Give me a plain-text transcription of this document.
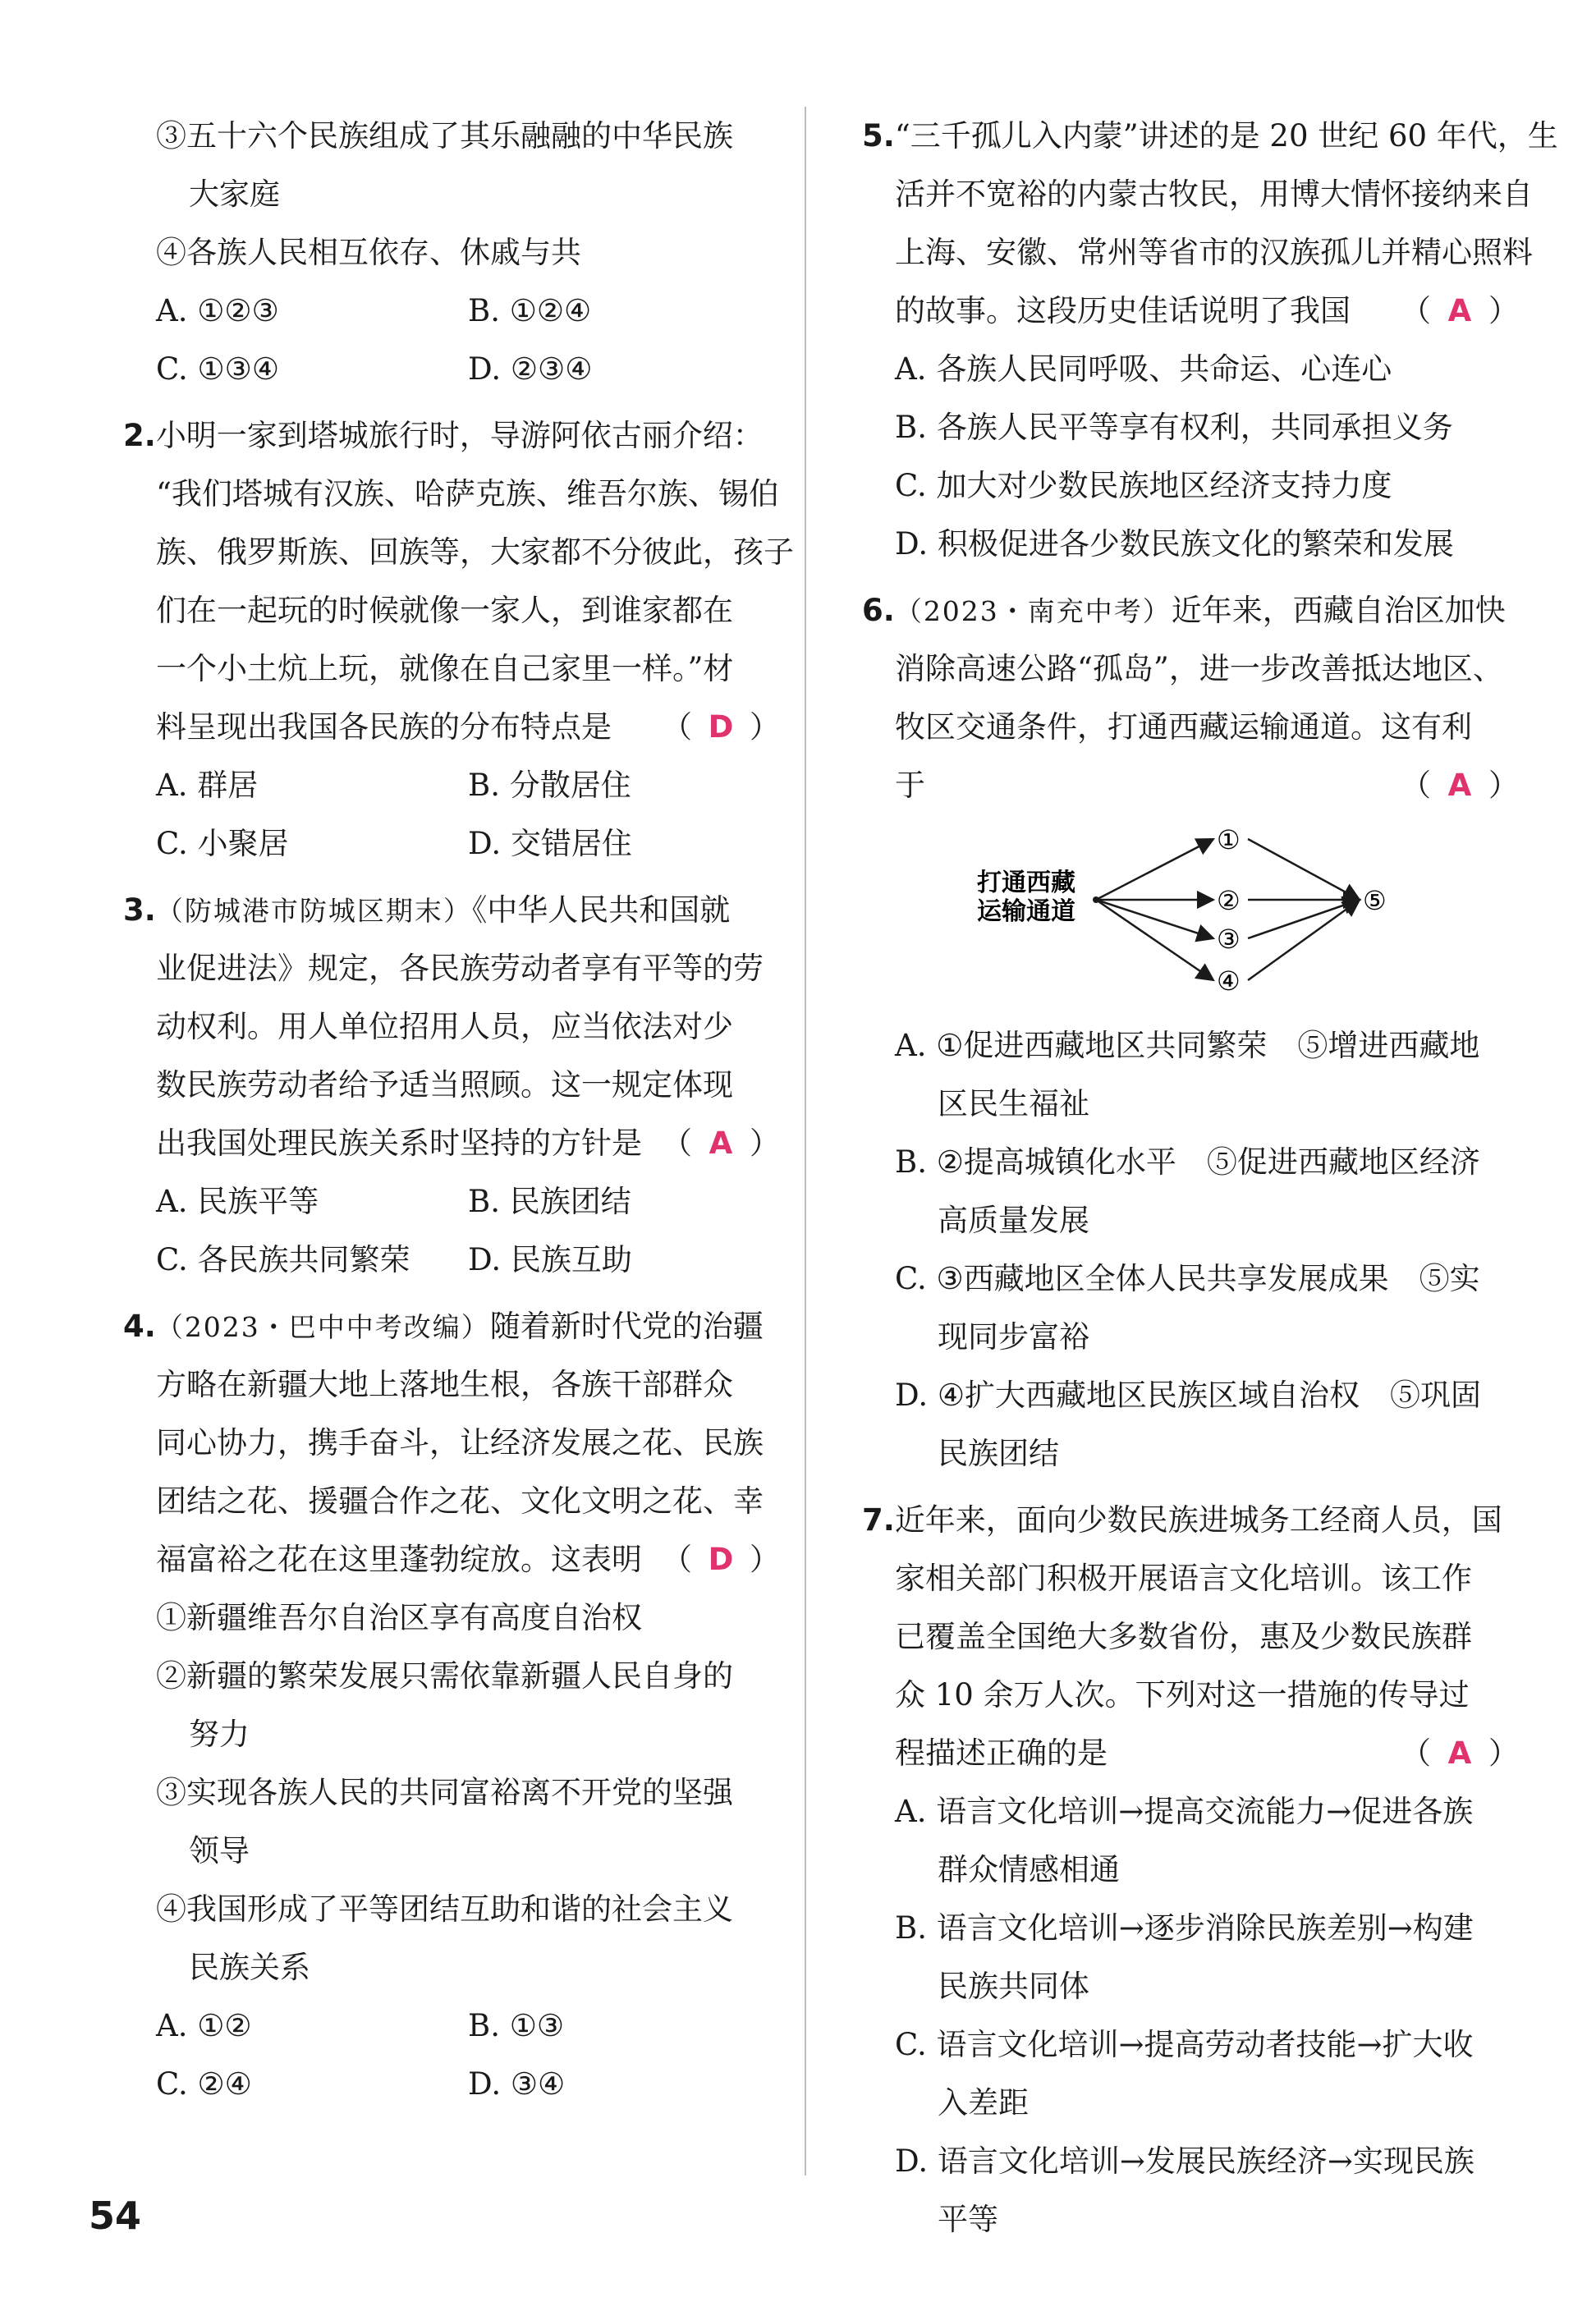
③五十六个民族组成了其乐融融的中华民族
大家庭
④各族人民相互依存、休戚与共
A. ①②③	B. ①②④
C. ①③④	D. ②③④
2.小明一家到塔城旅行时，导游阿依古丽介绍：
“我们塔城有汉族、哈萨克族、维吾尔族、锡伯
族、俄罗斯族、回族等，大家都不分彼此，孩子
们在一起玩的时候就像一家人，到谁家都在
一个小土炕上玩，就像在自己家里一样。”材
料呈现出我国各民族的分布特点是 （ D ）
A. 群居	B. 分散居住
C. 小聚居	D. 交错居住
3.（防城港市防城区期末）《中华人民共和国就
业促进法》规定，各民族劳动者享有平等的劳
动权利。用人单位招用人员，应当依法对少
数民族劳动者给予适当照顾。这一规定体现
出我国处理民族关系时坚持的方针是 （ A ）
A. 民族平等	B. 民族团结
C. 各民族共同繁荣	D. 民族互助
4.（2023・巴中中考改编）随着新时代党的治疆
方略在新疆大地上落地生根，各族干部群众
同心协力，携手奋斗，让经济发展之花、民族
团结之花、援疆合作之花、文化文明之花、幸
福富裕之花在这里蓬勃绽放。这表明 （ D ）
①新疆维吾尔自治区享有高度自治权
②新疆的繁荣发展只需依靠新疆人民自身的
努力
③实现各族人民的共同富裕离不开党的坚强
领导
④我国形成了平等团结互助和谐的社会主义
民族关系
A. ①②	B. ①③
C. ②④	D. ③④
5.“三千孤儿入内蒙”讲述的是 20 世纪 60 年代，生
活并不宽裕的内蒙古牧民，用博大情怀接纳来自
上海、安徽、常州等省市的汉族孤儿并精心照料
的故事。这段历史佳话说明了我国 （ A ）
A. 各族人民同呼吸、共命运、心连心
B. 各族人民平等享有权利，共同承担义务
C. 加大对少数民族地区经济支持力度
D. 积极促进各少数民族文化的繁荣和发展
6.（2023・南充中考）近年来，西藏自治区加快
消除高速公路“孤岛”，进一步改善抵达地区、
牧区交通条件，打通西藏运输通道。这有利
于	（ A ）
打通西藏
运输通道
①
②
③
④
⑤
A. ①促进西藏地区共同繁荣　⑤增进西藏地
区民生福祉
B. ②提高城镇化水平　⑤促进西藏地区经济
高质量发展
C. ③西藏地区全体人民共享发展成果　⑤实
现同步富裕
D. ④扩大西藏地区民族区域自治权　⑤巩固
民族团结
7.近年来，面向少数民族进城务工经商人员，国
家相关部门积极开展语言文化培训。该工作
已覆盖全国绝大多数省份，惠及少数民族群
众 10 余万人次。下列对这一措施的传导过
程描述正确的是	（ A ）
A. 语言文化培训→提高交流能力→促进各族
群众情感相通
B. 语言文化培训→逐步消除民族差别→构建
民族共同体
C. 语言文化培训→提高劳动者技能→扩大收
入差距
D. 语言文化培训→发展民族经济→实现民族
平等
54
